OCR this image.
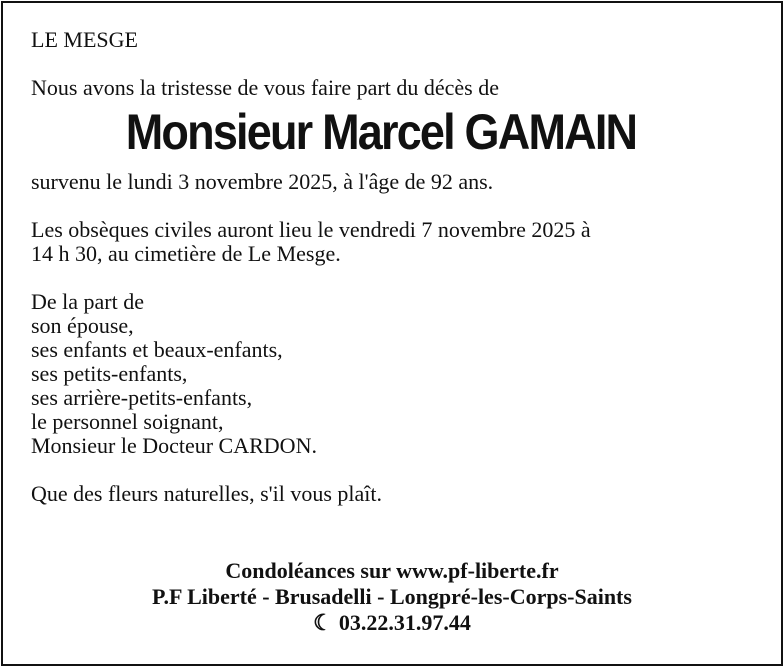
LE MESGE
Nous avons la tristesse de vous faire part du décès de
Monsieur Marcel GAMAIN
survenu le lundi 3 novembre 2025, à l'âge de 92 ans.
Les obsèques civiles auront lieu le vendredi 7 novembre 2025 à
14 h 30, au cimetière de Le Mesge.
De la part de
son épouse,
ses enfants et beaux-enfants,
ses petits-enfants,
ses arrière-petits-enfants,
le personnel soignant,
Monsieur le Docteur CARDON.
Que des fleurs naturelles, s'il vous plaît.
Condoléances sur www.pf-liberte.fr
P.F Liberté - Brusadelli - Longpré-les-Corps-Saints
☾ 03.22.31.97.44
